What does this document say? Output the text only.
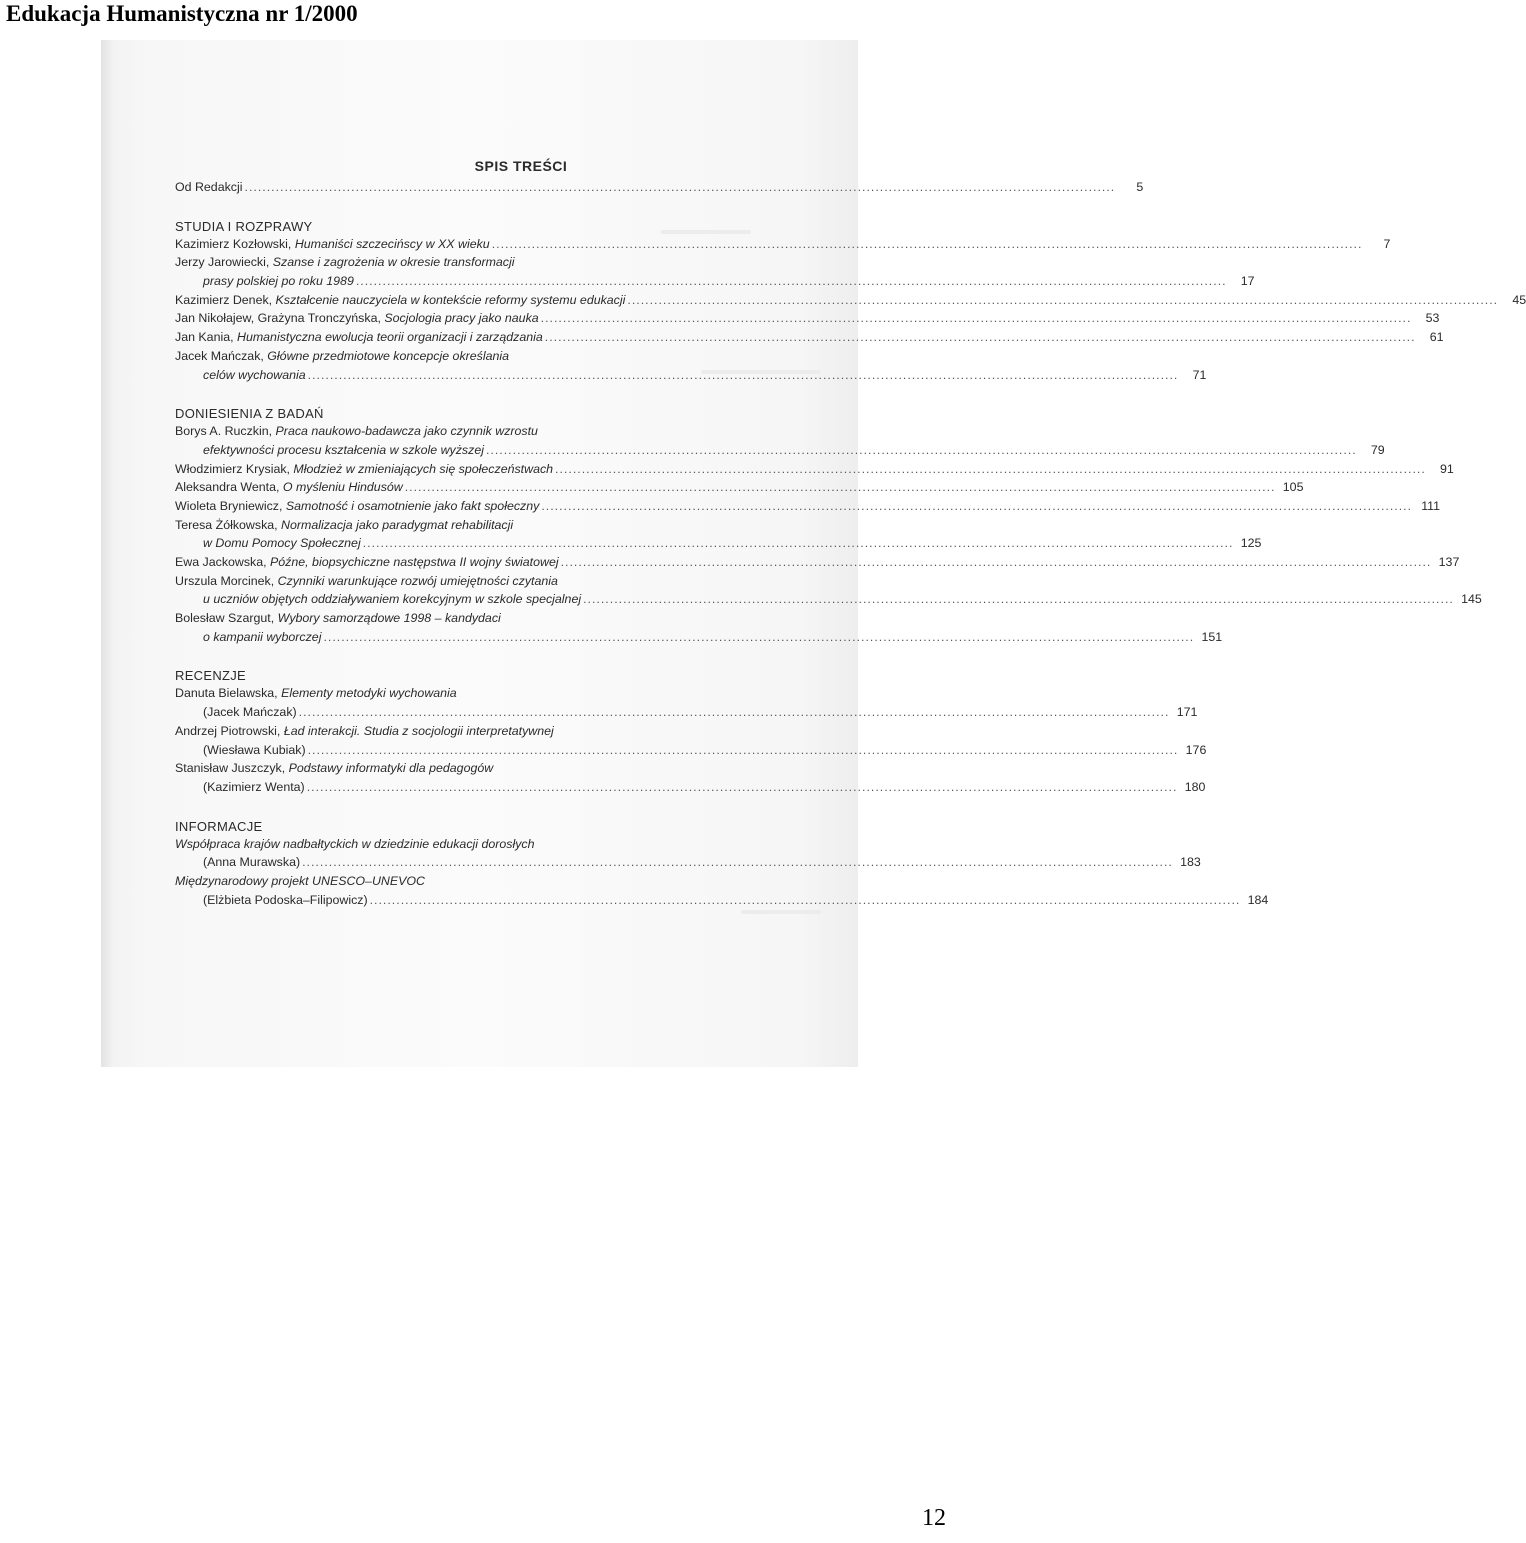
Edukacja Humanistyczna nr 1/2000
SPIS TREŚCI
Od Redakcji .....	5
STUDIA I ROZPRAWY
Kazimierz Kozłowski, Humaniści szczecińscy w XX wieku .....	7
Jerzy Jarowiecki, Szanse i zagrożenia w okresie transformacji
prasy polskiej po roku 1989 .....	17
Kazimierz Denek, Kształcenie nauczyciela w kontekście reformy systemu edukacji .....	45
Jan Nikołajew, Grażyna Tronczyńska, Socjologia pracy jako nauka .....	53
Jan Kania, Humanistyczna ewolucja teorii organizacji i zarządzania .....	61
Jacek Mańczak, Główne przedmiotowe koncepcje określania
celów wychowania .....	71
DONIESIENIA Z BADAŃ
Borys A. Ruczkin, Praca naukowo-badawcza jako czynnik wzrostu
efektywności procesu kształcenia w szkole wyższej .....	79
Włodzimierz Krysiak, Młodzież w zmieniających się społeczeństwach .....	91
Aleksandra Wenta, O myśleniu Hindusów .....	105
Wioleta Bryniewicz, Samotność i osamotnienie jako fakt społeczny .....	111
Teresa Żółkowska, Normalizacja jako paradygmat rehabilitacji
w Domu Pomocy Społecznej .....	125
Ewa Jackowska, Późne, biopsychiczne następstwa II wojny światowej .....	137
Urszula Morcinek, Czynniki warunkujące rozwój umiejętności czytania
u uczniów objętych oddziaływaniem korekcyjnym w szkole specjalnej .....	145
Bolesław Szargut, Wybory samorządowe 1998 – kandydaci
o kampanii wyborczej .....	151
RECENZJE
Danuta Bielawska, Elementy metodyki wychowania
(Jacek Mańczak) .....	171
Andrzej Piotrowski, Ład interakcji. Studia z socjologii interpretatywnej
(Wiesława Kubiak) .....	176
Stanisław Juszczyk, Podstawy informatyki dla pedagogów
(Kazimierz Wenta) .....	180
INFORMACJE
Współpraca krajów nadbałtyckich w dziedzinie edukacji dorosłych
(Anna Murawska) .....	183
Międzynarodowy projekt UNESCO–UNEVOC
(Elżbieta Podoska–Filipowicz) .....	184
12
